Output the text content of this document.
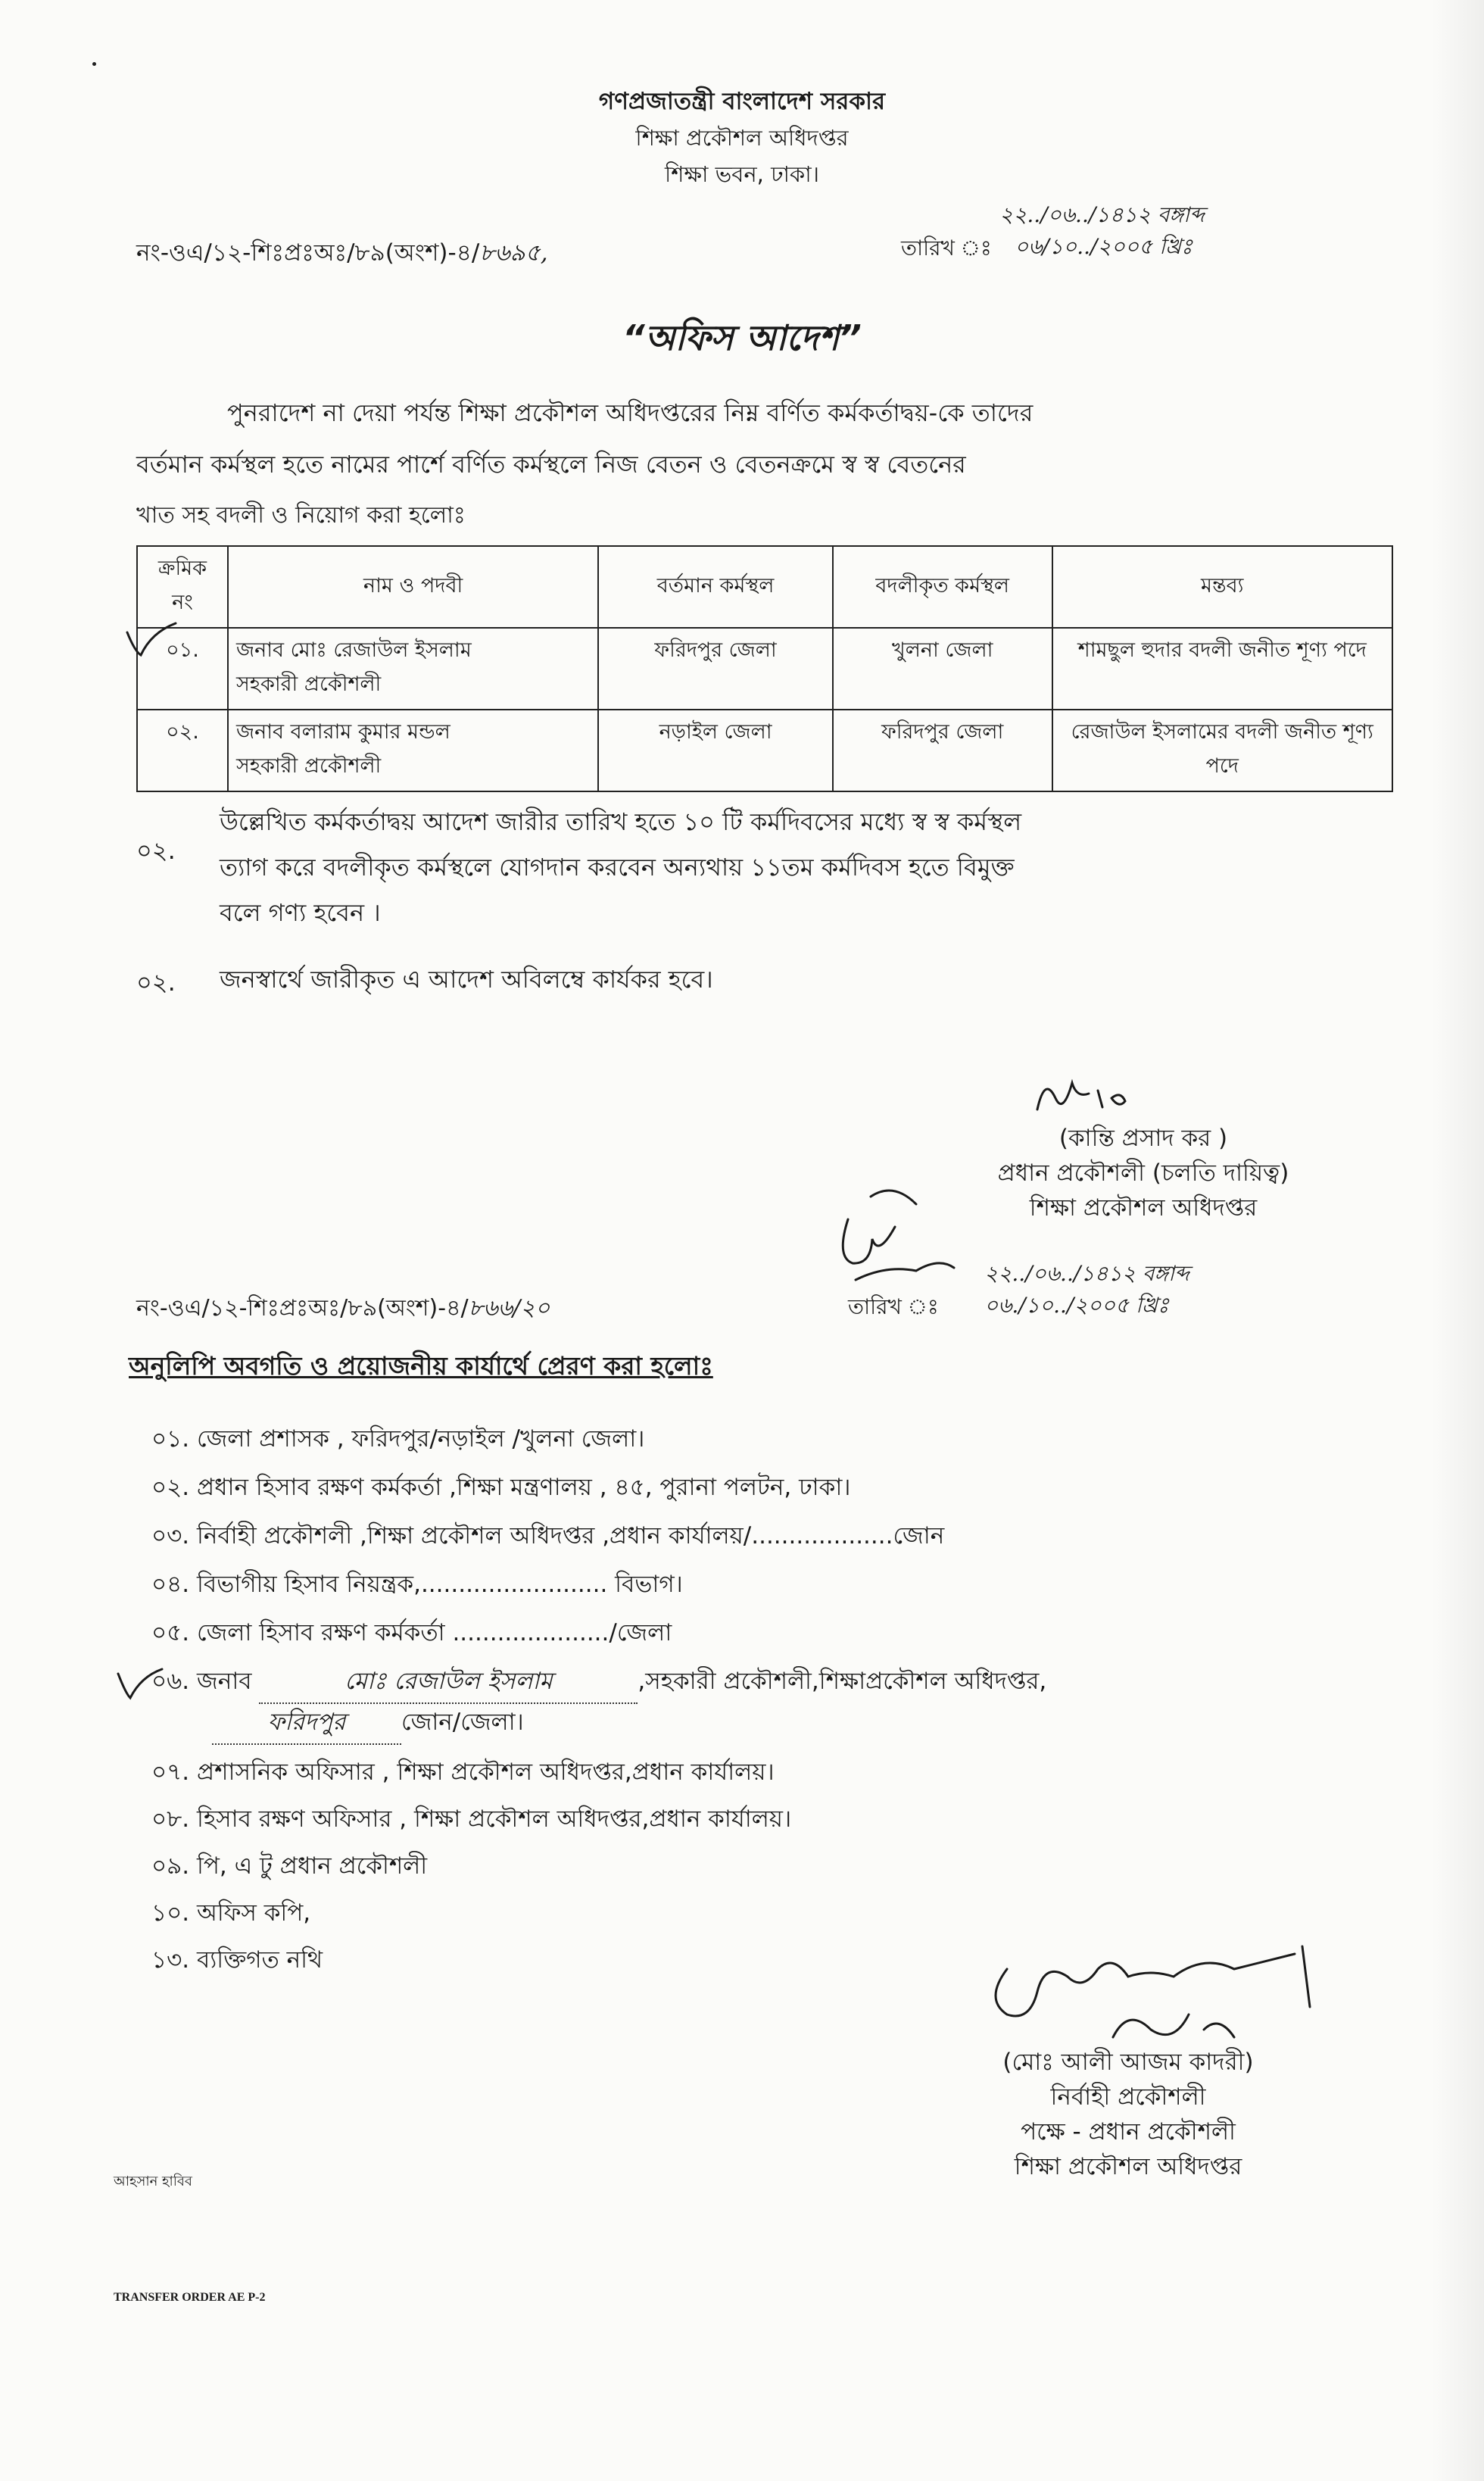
গণপ্রজাতন্ত্রী বাংলাদেশ সরকার
শিক্ষা প্রকৌশল অধিদপ্তর
শিক্ষা ভবন, ঢাকা।
নং-ওএ/১২-শিঃপ্রঃঅঃ/৮৯(অংশ)-৪/৮৬৯৫,	তারিখ ঃ
২২../০৬../১৪১২ বঙ্গাব্দ
০৬/১০../২০০৫ খ্রিঃ
“অফিস আদেশ”
পুনরাদেশ না দেয়া পর্যন্ত শিক্ষা প্রকৌশল অধিদপ্তরের নিম্ন বর্ণিত কর্মকর্তাদ্বয়-কে তাদের
বর্তমান কর্মস্থল হতে নামের পার্শে বর্ণিত কর্মস্থলে নিজ বেতন ও বেতনক্রমে স্ব স্ব বেতনের
খাত সহ বদলী ও নিয়োগ করা হলোঃ
ক্রমিক নং	নাম ও পদবী	বর্তমান কর্মস্থল	বদলীকৃত কর্মস্থল	মন্তব্য
০১.	জনাব মোঃ রেজাউল ইসলাম
সহকারী প্রকৌশলী	ফরিদপুর জেলা	খুলনা জেলা	শামছুল হুদার বদলী জনীত শূণ্য পদে
০২.	জনাব বলারাম কুমার মন্ডল
সহকারী প্রকৌশলী	নড়াইল জেলা	ফরিদপুর জেলা	রেজাউল ইসলামের বদলী জনীত শূণ্য পদে
০২.
উল্লেখিত কর্মকর্তাদ্বয় আদেশ জারীর তারিখ হতে ১০ টি কর্মদিবসের মধ্যে স্ব স্ব কর্মস্থল
ত্যাগ করে বদলীকৃত কর্মস্থলে যোগদান করবেন অন্যথায় ১১তম কর্মদিবস হতে বিমুক্ত
বলে গণ্য হবেন ।
০২. জনস্বার্থে জারীকৃত এ আদেশ অবিলম্বে কার্যকর হবে।
(কান্তি প্রসাদ কর )
প্রধান প্রকৌশলী (চলতি দায়িত্ব)
শিক্ষা প্রকৌশল অধিদপ্তর
নং-ওএ/১২-শিঃপ্রঃঅঃ/৮৯(অংশ)-৪/৮৬৬/২০	তারিখ ঃ
২২../০৬../১৪১২ বঙ্গাব্দ
০৬./১০../২০০৫ খ্রিঃ
অনুলিপি অবগতি ও প্রয়োজনীয় কার্যার্থে প্রেরণ করা হলোঃ
০১. জেলা প্রশাসক , ফরিদপুর/নড়াইল /খুলনা জেলা।
০২. প্রধান হিসাব রক্ষণ কর্মকর্তা ,শিক্ষা মন্ত্রণালয় , ৪৫, পুরানা পলটন, ঢাকা।
০৩. নির্বাহী প্রকৌশলী ,শিক্ষা প্রকৌশল অধিদপ্তর ,প্রধান কার্যালয়/...................জোন
০৪. বিভাগীয় হিসাব নিয়ন্ত্রক,......................... বিভাগ।
০৫. জেলা হিসাব রক্ষণ কর্মকর্তা ...................../জেলা
০৬. জনাব	মোঃ রেজাউল ইসলাম	,সহকারী প্রকৌশলী,শিক্ষাপ্রকৌশল অধিদপ্তর,
ফরিদপুর জোন/জেলা।
০৭. প্রশাসনিক অফিসার , শিক্ষা প্রকৌশল অধিদপ্তর,প্রধান কার্যালয়।
০৮. হিসাব রক্ষণ অফিসার , শিক্ষা প্রকৌশল অধিদপ্তর,প্রধান কার্যালয়।
০৯. পি, এ টু প্রধান প্রকৌশলী
১০. অফিস কপি,
১৩. ব্যক্তিগত নথি
(মোঃ আলী আজম কাদরী)
নির্বাহী প্রকৌশলী
পক্ষে - প্রধান প্রকৌশলী
শিক্ষা প্রকৌশল অধিদপ্তর
আহসান হাবিব
TRANSFER ORDER AE P-2
